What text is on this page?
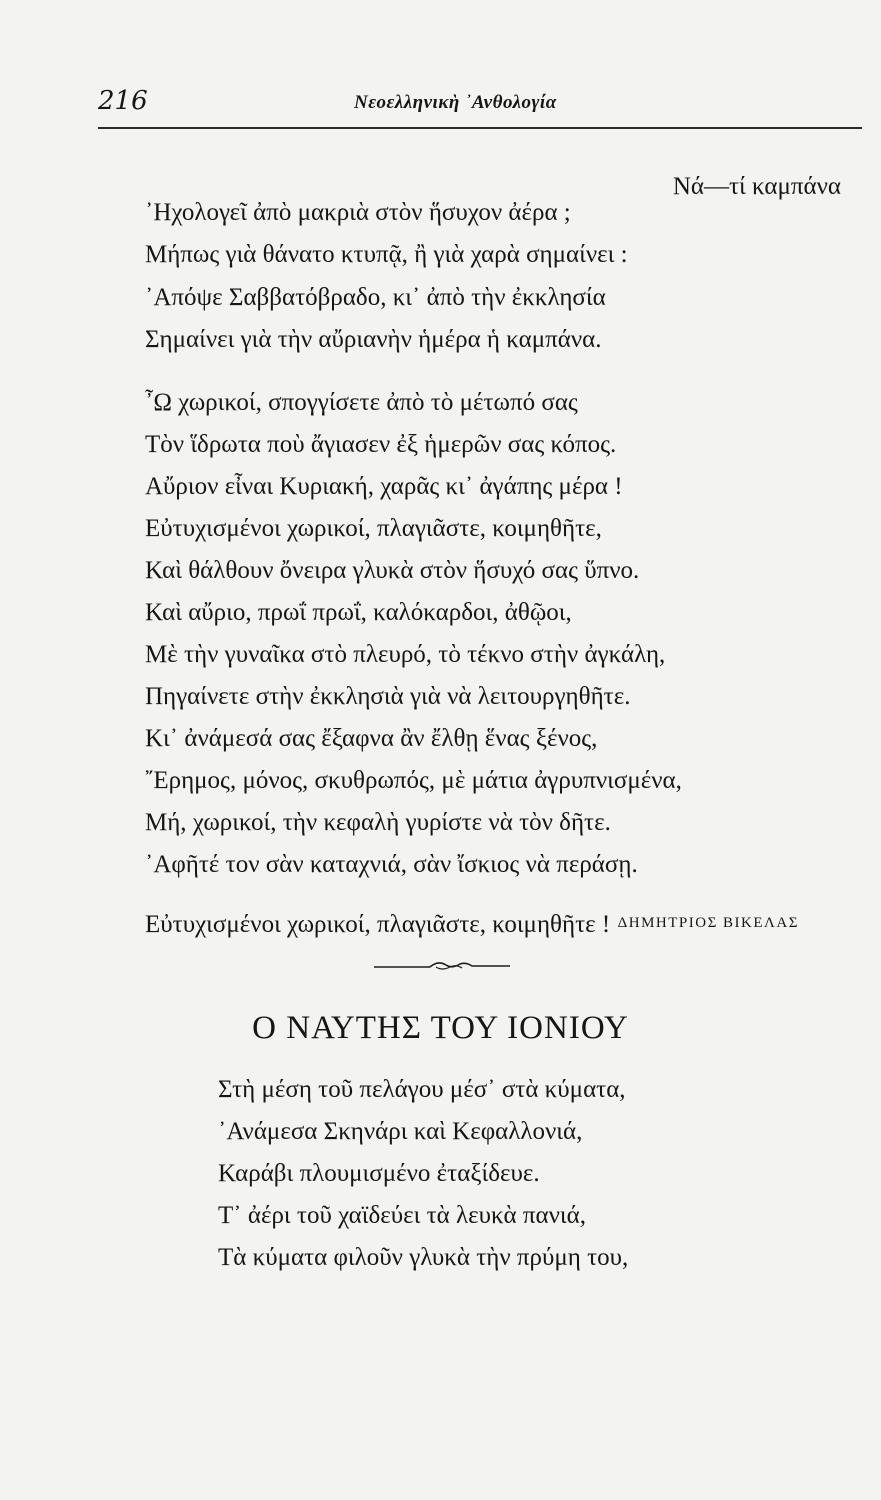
216	Νεοελληνικὴ ᾿Ανθολογία
Νά—τί καμπάνα
᾿Ηχολογεῖ ἀπὸ μακριὰ στὸν ἥσυχον ἀέρα ;
Μήπως γιὰ θάνατο κτυπᾷ, ἢ γιὰ χαρὰ σημαίνει :
᾿Απόψε Σαββατόβραδο, κι᾿ ἀπὸ τὴν ἐκκλησία
Σημαίνει γιὰ τὴν αὔριανὴν ἡμέρα ἡ καμπάνα.
῏Ω χωρικοί, σπογγίσετε ἀπὸ τὸ μέτωπό σας
Τὸν ἵδρωτα ποὺ ἄγιασεν ἐξ ἡμερῶν σας κόπος.
Αὔριον εἶναι Κυριακή, χαρᾶς κι᾿ ἀγάπης μέρα !
Εὐτυχισμένοι χωρικοί, πλαγιᾶστε, κοιμηθῆτε,
Καὶ θάλθουν ὄνειρα γλυκὰ στὸν ἥσυχό σας ὕπνο.
Καὶ αὔριο, πρωΐ πρωΐ, καλόκαρδοι, ἀθῷοι,
Μὲ τὴν γυναῖκα στὸ πλευρό, τὸ τέκνο στὴν ἀγκάλη,
Πηγαίνετε στὴν ἐκκλησιὰ γιὰ νὰ λειτουργηθῆτε.
Κι᾿ ἀνάμεσά σας ἔξαφνα ἂν ἔλθῃ ἕνας ξένος,
῎Ερημος, μόνος, σκυθρωπός, μὲ μάτια ἀγρυπνισμένα,
Μή, χωρικοί, τὴν κεφαλὴ γυρίστε νὰ τὸν δῆτε.
᾿Αφῆτέ τον σὰν καταχνιά, σὰν ἴσκιος νὰ περάσῃ.
Εὐτυχισμένοι χωρικοί, πλαγιᾶστε, κοιμηθῆτε ! ΔΗΜΗΤΡΙΟΣ ΒΙΚΕΛΑΣ
Ο ΝΑΥΤΗΣ ΤΟΥ ΙΟΝΙΟΥ
Στὴ μέση τοῦ πελάγου μέσ᾿ στὰ κύματα,
᾿Ανάμεσα Σκηνάρι καὶ Κεφαλλονιά,
Καράβι πλουμισμένο ἐταξίδευε.
Τ᾿ ἀέρι τοῦ χαϊδεύει τὰ λευκὰ πανιά,
Τὰ κύματα φιλοῦν γλυκὰ τὴν πρύμη του,
